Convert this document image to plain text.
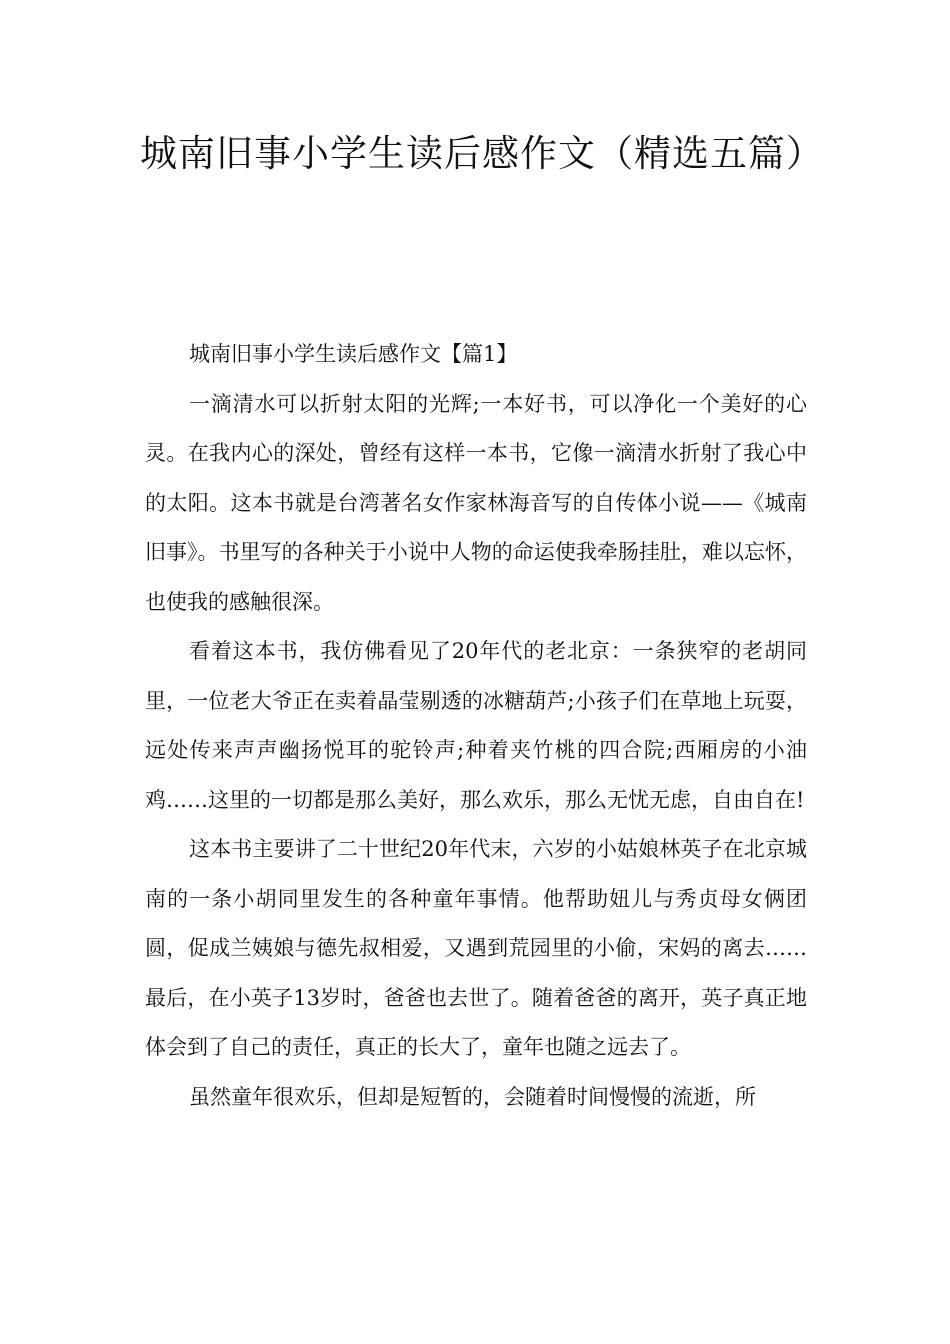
城南旧事小学生读后感作文（精选五篇）

城南旧事小学生读后感作文【篇1】

一滴清水可以折射太阳的光辉;一本好书，可以净化一个美好的心灵。在我内心的深处，曾经有这样一本书，它像一滴清水折射了我心中的太阳。这本书就是台湾著名女作家林海音写的自传体小说——《城南旧事》。书里写的各种关于小说中人物的命运使我牵肠挂肚，难以忘怀，也使我的感触很深。

看着这本书，我仿佛看见了20年代的老北京：一条狭窄的老胡同里，一位老大爷正在卖着晶莹剔透的冰糖葫芦;小孩子们在草地上玩耍，远处传来声声幽扬悦耳的驼铃声;种着夹竹桃的四合院;西厢房的小油鸡……这里的一切都是那么美好，那么欢乐，那么无忧无虑，自由自在!

这本书主要讲了二十世纪20年代末，六岁的小姑娘林英子在北京城南的一条小胡同里发生的各种童年事情。他帮助妞儿与秀贞母女俩团圆，促成兰姨娘与德先叔相爱，又遇到荒园里的小偷，宋妈的离去……最后，在小英子13岁时，爸爸也去世了。随着爸爸的离开，英子真正地体会到了自己的责任，真正的长大了，童年也随之远去了。

虽然童年很欢乐，但却是短暂的，会随着时间慢慢的流逝，所
